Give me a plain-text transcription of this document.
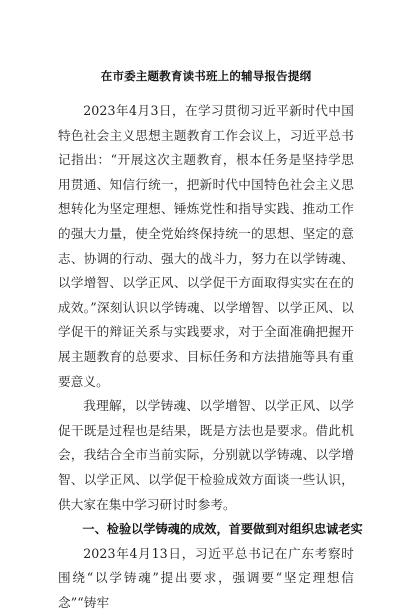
在市委主题教育读书班上的辅导报告提纲

2023年4月3日，在学习贯彻习近平新时代中国特色社会主义思想主题教育工作会议上，习近平总书记指出：“开展这次主题教育，根本任务是坚持学思用贯通、知信行统一，把新时代中国特色社会主义思想转化为坚定理想、锤炼党性和指导实践、推动工作的强大力量，使全党始终保持统一的思想、坚定的意志、协调的行动、强大的战斗力，努力在以学铸魂、以学增智、以学正风、以学促干方面取得实实在在的成效。”深刻认识以学铸魂、以学增智、以学正风、以学促干的辩证关系与实践要求，对于全面准确把握开展主题教育的总要求、目标任务和方法措施等具有重要意义。

我理解，以学铸魂、以学增智、以学正风、以学促干既是过程也是结果，既是方法也是要求。借此机会，我结合全市当前实际，分别就以学铸魂、以学增智、以学正风、以学促干检验成效方面谈一些认识，供大家在集中学习研讨时参考。

一、检验以学铸魂的成效，首要做到对组织忠诚老实

2023年4月13日，习近平总书记在广东考察时围绕“以学铸魂”提出要求，强调要“坚定理想信念”“铸牢
